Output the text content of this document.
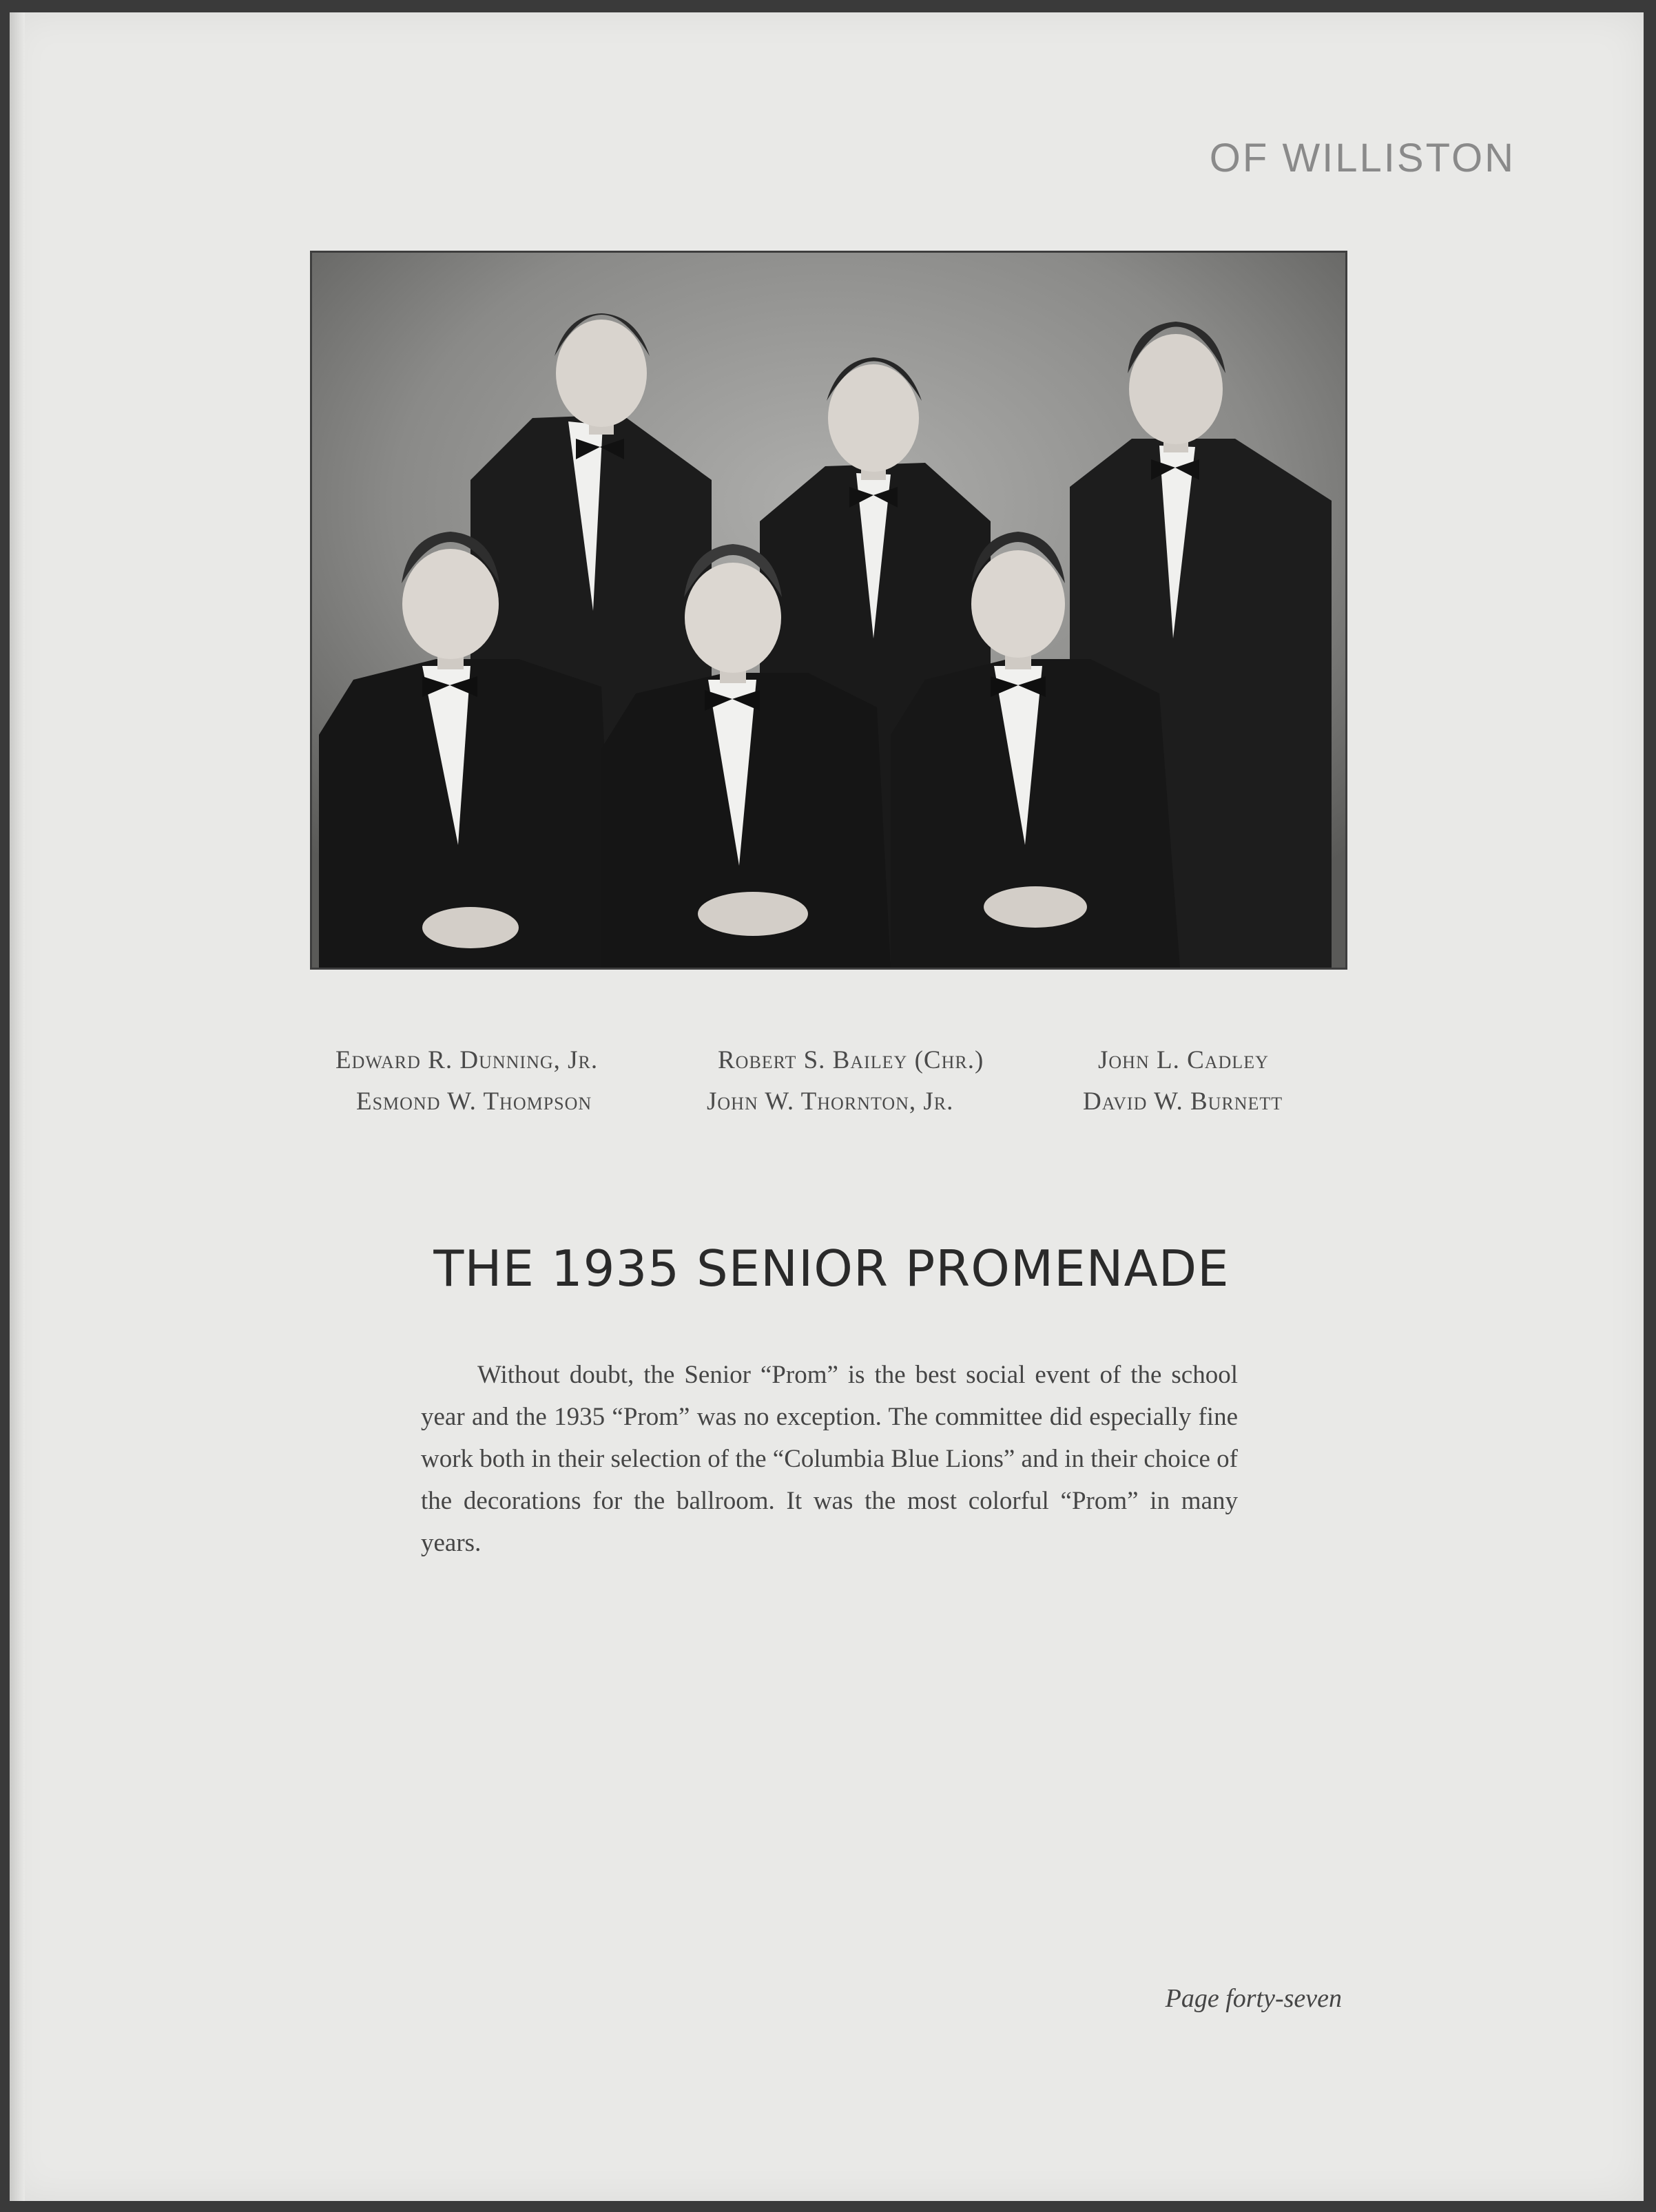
OF WILLISTON
Edward R. Dunning, Jr.	Robert S. Bailey (Chr.)	John L. Cadley
Esmond W. Thompson	John W. Thornton, Jr.	David W. Burnett
THE 1935 SENIOR PROMENADE
Without doubt, the Senior “Prom” is the best social event of the school year and the 1935 “Prom” was no exception. The committee did especially fine work both in their selection of the “Columbia Blue Lions” and in their choice of the decorations for the ballroom. It was the most colorful “Prom” in many years.
Page forty-seven
